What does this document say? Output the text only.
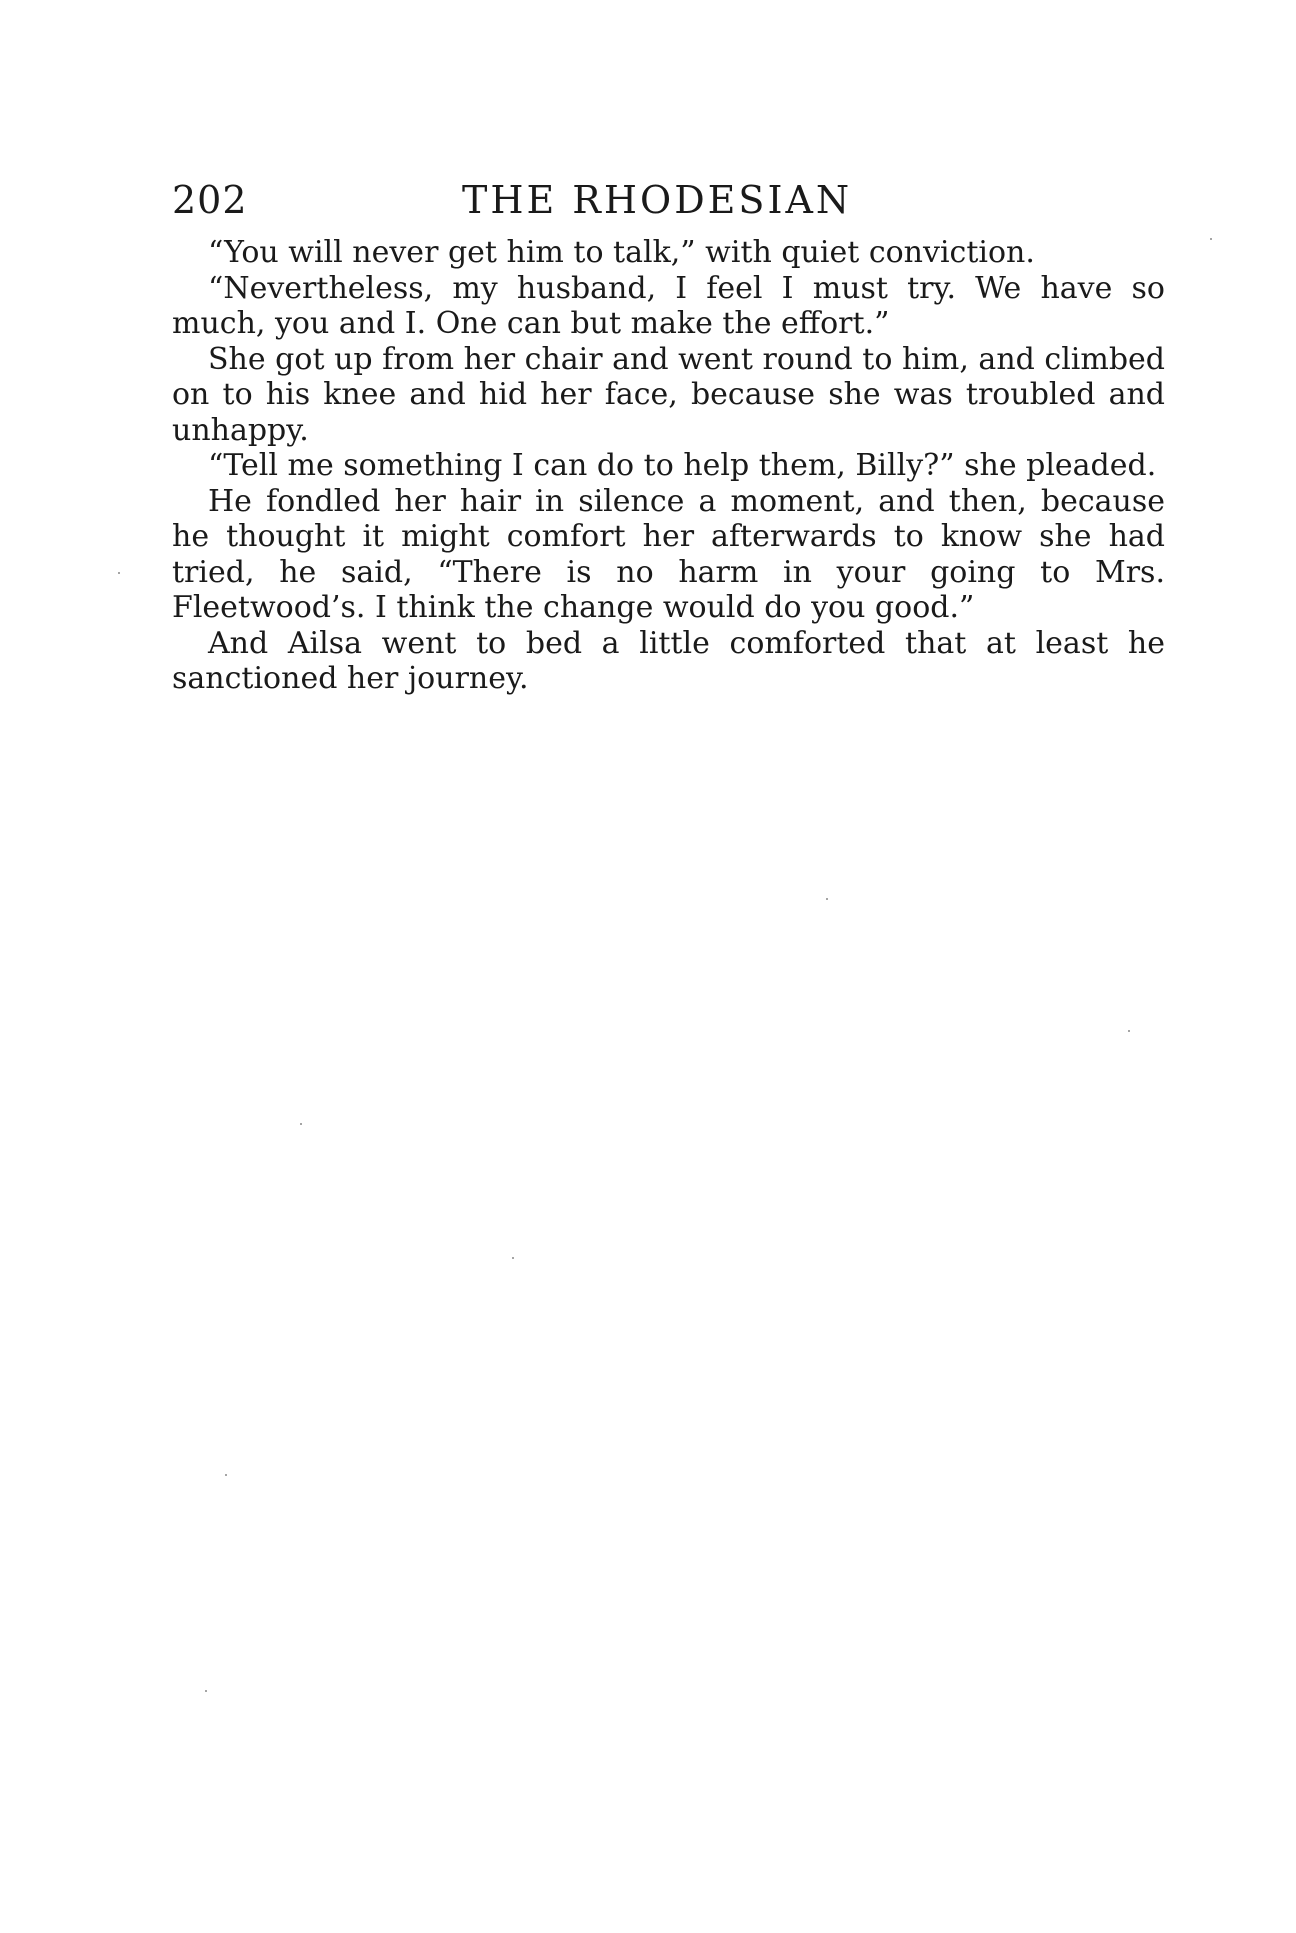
202	THE RHODESIAN

“You will never get him to talk,” with quiet conviction.

“Nevertheless, my husband, I feel I must try. We have so much, you and I. One can but make the effort.”

She got up from her chair and went round to him, and climbed on to his knee and hid her face, because she was troubled and unhappy.

“Tell me something I can do to help them, Billy?” she pleaded.

He fondled her hair in silence a moment, and then, because he thought it might comfort her afterwards to know she had tried, he said, “There is no harm in your going to Mrs. Fleetwood’s. I think the change would do you good.”

And Ailsa went to bed a little comforted that at least he sanctioned her journey.
